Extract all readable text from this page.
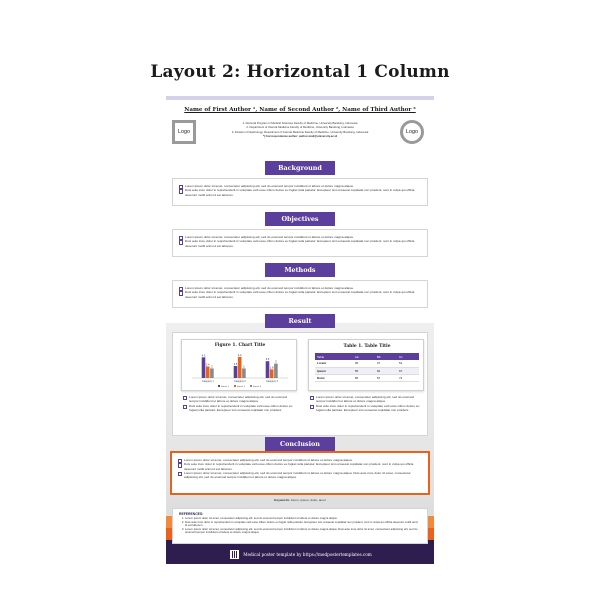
Layout 2: Horizontal 1 Column
Name of First Author ¹, Name of Second Author ², Name of Third Author ³
Logo	Logo
1. Doctoral Program in Medical Sciences Faculty of Medicine, University Bandung, Indonesia
2. Department of Internal Medicine Faculty of Medicine, University Bandung, Indonesia
3. Division of Nephrology, Department of Internal Medicine Faculty of Medicine, University Bandung, Indonesia
*) Correspondence author: author-mail@university.ac.id
Background
Lorem ipsum dolor sit amet, consectetur adipiscing elit, sed do eiusmod tempor incididunt ut labore et dolore magna aliqua.
Duis aute irure dolor in reprehenderit in voluptate velit esse cillum dolore eu fugiat nulla pariatur. Excepteur sint occaecat cupidatat non proident, sunt in culpa qui officia deserunt mollit anim id est laborum.
Objectives
Lorem ipsum dolor sit amet, consectetur adipiscing elit, sed do eiusmod tempor incididunt ut labore et dolore magna aliqua.
Duis aute irure dolor in reprehenderit in voluptate velit esse cillum dolore eu fugiat nulla pariatur. Excepteur sint occaecat cupidatat non proident, sunt in culpa qui officia deserunt mollit anim id est laborum.
Methods
Lorem ipsum dolor sit amet, consectetur adipiscing elit, sed do eiusmod tempor incididunt ut labore et dolore magna aliqua.
Duis aute irure dolor in reprehenderit in voluptate velit esse cillum dolore eu fugiat nulla pariatur. Excepteur sint occaecat cupidatat non proident, sunt in culpa qui officia deserunt mollit anim id est laborum.
Result
Figure 1. Chart Title
4.3
2.4
2
Category 1
2.5
4.4
2
Category 2
3.5
1.8
3
Category 3
Series 1	Series 2	Series 3
Table 1. Table Title
Table	Aa	Bb	Cc
Lorem	45	47	51
Ipsum	55	62	67
Dolor	65	57	72
Lorem ipsum dolor sit amet, consectetur adipiscing elit, sed do eiusmod tempor incididunt ut labore et dolore magna aliqua.
Duis aute irure dolor in reprehenderit in voluptate velit esse cillum dolore eu fugiat nulla pariatur. Excepteur sint occaecat cupidatat non proident.
Lorem ipsum dolor sit amet, consectetur adipiscing elit, sed do eiusmod tempor incididunt ut labore et dolore magna aliqua.
Duis aute irure dolor in reprehenderit in voluptate velit esse cillum dolore eu fugiat nulla pariatur. Excepteur sint occaecat cupidatat non proident.
Conclusion
Lorem ipsum dolor sit amet, consectetur adipiscing elit, sed do eiusmod tempor incididunt ut labore et dolore magna aliqua.
Duis aute irure dolor in reprehenderit in voluptate velit esse cillum dolore eu fugiat nulla pariatur. Excepteur sint occaecat cupidatat non proident, sunt in culpa qui officia deserunt mollit anim id est laborum.
Lorem ipsum dolor sit amet, consectetur adipiscing elit, sed do eiusmod tempor incididunt ut labore et dolore magna aliqua. Duis aute irure dolor sit amet, consectetur adipiscing elit, sed do eiusmod tempor incididunt ut labore et dolore magna aliqua.
Keywords: lorem, ipsum, dolor, amet
REFERENCES:
1. Lorem ipsum dolor sit amet, consectetur adipiscing elit, sed do eiusmod tempor incididunt ut labore et dolore magna aliqua.
2. Duis aute irure dolor in reprehenderit in voluptate velit esse cillum dolore eu fugiat nulla pariatur. Excepteur sint occaecat cupidatat non proident, sunt in culpa qui officia deserunt mollit anim id est laborum.
3. Lorem ipsum dolor sit amet, consectetur adipiscing elit, sed do eiusmod tempor incididunt ut labore et dolore magna aliqua. Duis aute irure dolor sit amet, consectetur adipiscing elit, sed do eiusmod tempor incididunt ut labore et dolore magna aliqua.
Medical poster template by https://medpostertemplates.com
